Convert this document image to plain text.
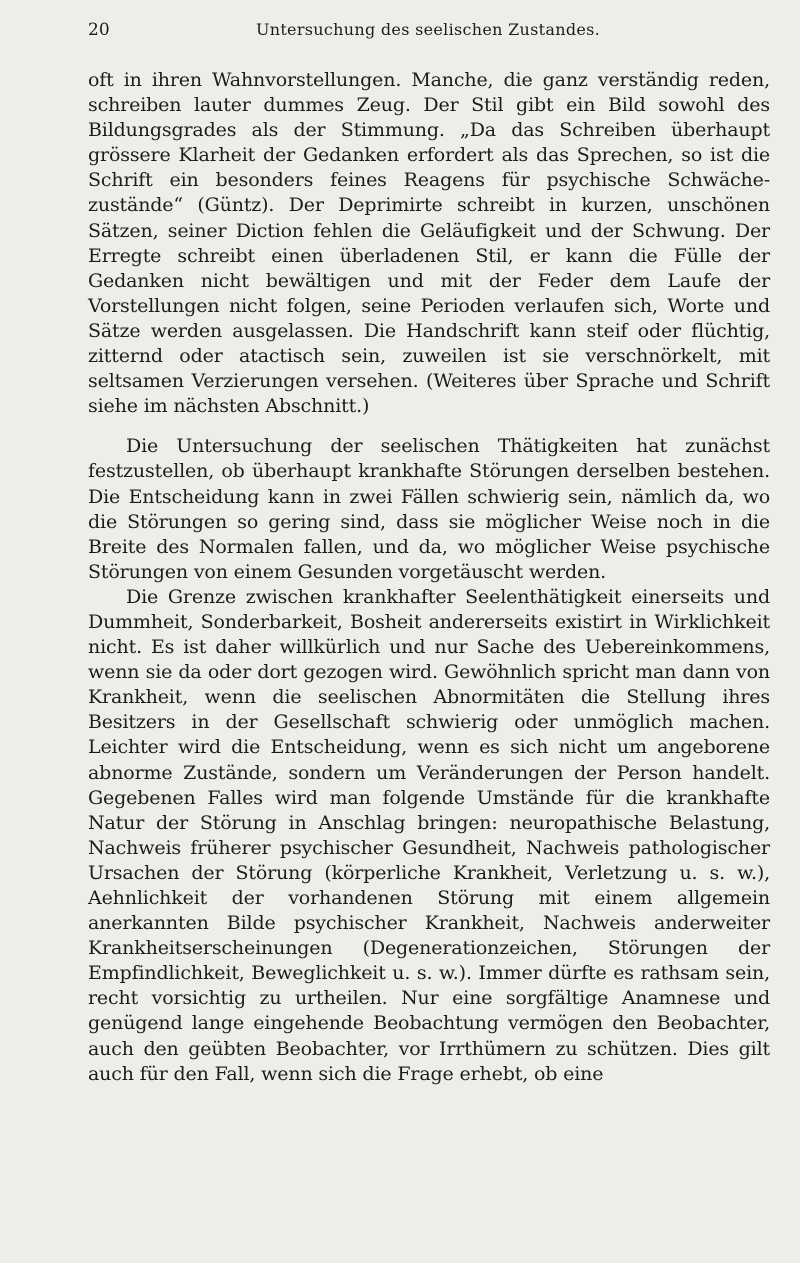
20	Untersuchung des seelischen Zustandes.

oft in ihren Wahnvorstellungen. Manche, die ganz verständig reden, schreiben lauter dummes Zeug. Der Stil gibt ein Bild sowohl des Bildungsgrades als der Stimmung. „Da das Schreiben überhaupt grössere Klarheit der Gedanken erfordert als das Sprechen, so ist die Schrift ein besonders feines Reagens für psychische Schwäche-zustände“ (Güntz). Der Deprimirte schreibt in kurzen, unschönen Sätzen, seiner Diction fehlen die Geläufigkeit und der Schwung. Der Erregte schreibt einen überladenen Stil, er kann die Fülle der Gedanken nicht bewältigen und mit der Feder dem Laufe der Vorstellungen nicht folgen, seine Perioden verlaufen sich, Worte und Sätze werden ausgelassen. Die Handschrift kann steif oder flüchtig, zitternd oder atactisch sein, zuweilen ist sie verschnörkelt, mit seltsamen Verzierungen versehen. (Weiteres über Sprache und Schrift siehe im nächsten Abschnitt.)

Die Untersuchung der seelischen Thätigkeiten hat zunächst festzustellen, ob überhaupt krankhafte Störungen derselben bestehen. Die Entscheidung kann in zwei Fällen schwierig sein, nämlich da, wo die Störungen so gering sind, dass sie möglicher Weise noch in die Breite des Normalen fallen, und da, wo möglicher Weise psychische Störungen von einem Gesunden vorgetäuscht werden.

Die Grenze zwischen krankhafter Seelenthätigkeit einerseits und Dummheit, Sonderbarkeit, Bosheit andererseits existirt in Wirklichkeit nicht. Es ist daher willkürlich und nur Sache des Uebereinkommens, wenn sie da oder dort gezogen wird. Gewöhnlich spricht man dann von Krankheit, wenn die seelischen Abnormitäten die Stellung ihres Besitzers in der Gesellschaft schwierig oder unmöglich machen. Leichter wird die Entscheidung, wenn es sich nicht um angeborene abnorme Zustände, sondern um Veränderungen der Person handelt. Gegebenen Falles wird man folgende Umstände für die krankhafte Natur der Störung in Anschlag bringen: neuropathische Belastung, Nachweis früherer psychischer Gesundheit, Nachweis pathologischer Ursachen der Störung (körperliche Krankheit, Verletzung u. s. w.), Aehnlichkeit der vorhandenen Störung mit einem allgemein anerkannten Bilde psychischer Krankheit, Nachweis anderweiter Krankheitserscheinungen (Degenerationzeichen, Störungen der Empfindlichkeit, Beweglichkeit u. s. w.). Immer dürfte es rathsam sein, recht vorsichtig zu urtheilen. Nur eine sorgfältige Anamnese und genügend lange eingehende Beobachtung vermögen den Beobachter, auch den geübten Beobachter, vor Irrthümern zu schützen. Dies gilt auch für den Fall, wenn sich die Frage erhebt, ob eine
